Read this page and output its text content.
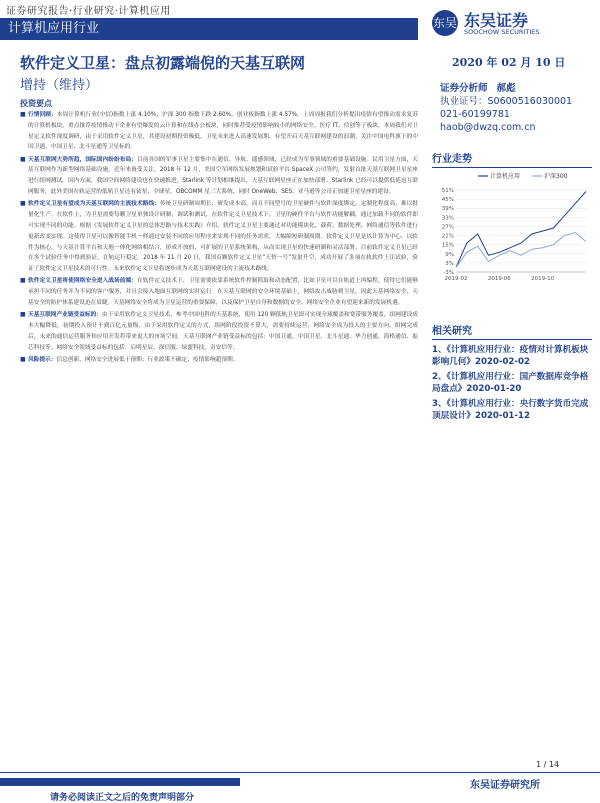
证券研究报告·行业研究·计算机应用
计算机应用行业	东吴 东吴证券
SOOCHOW SECURITIES
软件定义卫星：盘点初露端倪的天基互联网
增持（维持）
2020 年 02 月 10 日
证券分析师 郝彪
执业证号：S0600516030001
021-60199781
haob@dwzq.com.cn
投资要点

■ 行情回顾：本周计算机行业(中信)指数上涨 4.10%，沪深 300 指数下跌 2.60%，创业板指数上涨 4.57%。上周周报我们分析提出疫情有望推动需求复苏的计算机板块，重点推荐疫情推动下企业有望爆发的云计算和在线办公板块，同时推荐受疫情影响较小的网络安全、医疗 IT、信创等子板块。本周我们对卫星定义软件深度调研，由于采用软件定义卫星，其建设初期投资极低，卫星未来进入高速发展期、有望开启天基互联网建设的浪潮。关注中国电科旗下的中国卫通、中国卫星、北斗星通等卫星标的。

■ 天基互联网大势所趋，国际国内纷纷布局：目前各国的军事卫星主要集中在通信、导航、遥感领域，已经成为军事领域的重要基础设施。民用卫星方面，天基互联网作为新型网络基础设施，近年来备受关注。2018 年 12 月，美国空军网络发展规划和试验平台 SpaceX 公司签约，发射首批天基互联网卫星星座进行组网测试。国内方面，我国空间网络建设也在快速推进，Starlink 等计划相继提出，天基互联网星座正在加快部署。Starlink 已经可以提供低延迟互联网服务，此外美国在轨运营的低轨卫星还有铱星、全球星、OBCOMM 星三大系统，同时 OneWeb、SES、亚马逊等公司正加速卫星星座的建设。

■ 软件定义卫星有望成为天基互联网的主流技术路线：传统卫星研制周期长、研发成本高，而且不同型号的卫星硬件与软件深度绑定，定制化程度高，难以批量化生产。在软件上，为卫星需要每颗卫星单独设计研制、调试和测试，在软件定义卫星技术下，卫星的硬件平台与软件功能解耦，通过加载不同的软件即可实现不同的功能。根据《发展软件定义卫星的总体思路与技术实践》介绍，软件定义卫星主要通过对功能模块化、载荷、数据处理、网络通信等软件进行更新改变实现。这使得卫星可以像智能手机一样通过安装不同的应用程序来实现不同的任务需求，大幅缩短研制周期。软件定义卫星是以计算为中心、以软件为核心，与天基计算平台和天地一体化网络相结合，形成开放的、可扩展的卫星系统架构，从而实现卫星的快速研制和灵活部署。目前软件定义卫星已经在多个试验任务中得到验证，在轨运行稳定。2018 年 11 月 20 日，我国首颗软件定义卫星“天智一号”发射升空，成功开展了多项在轨软件上注试验，验证了软件定义卫星技术的可行性。未来软件定义卫星将逐步成为天基互联网建设的主流技术路线。

■ 软件定义卫星将使网络安全进入战场前端：在软件定义技术下，卫星需要依靠系统软件控制抓取和动态配置，比如卫星可以在轨道上再编程，使得它们能够承担不同的任务并为不同的客户服务，并且会接入地面互联网的实时运行。在天基互联网的安全环境基础上，网络攻击威胁到卫星，因此天基网络安全、天基安全的防护体系建设迫在眉睫。天基网络安全将成为卫星运营的重要保障，以及保护卫星自身和数据的安全，网络安全企业有望迎来新的发展机遇。

■ 天基互联网产业链受益标的：由于采用软件定义卫星技术，参考中国电科的天基系统，使用 120 颗低轨卫星即可实现全球覆盖和宽带服务覆盖，组网建设成本大幅降低。初期投入预计不到百亿元量级，由于采用软件定义的方式，组网阶段投资不算大，需要持续运营，网络安全成为投入的主要方向。组网完成后，未来的通信运营服务和应用开发将带来更大的市场空间。天基互联网产业链受益标的包括：中国卫通、中国卫星、北斗星通、华力创通、海格通信、振芯科技等；网络安全领域受益标的包括：启明星辰、深信服、绿盟科技、奇安信等。

■ 风险提示：信息创新、网络安全进展低于预期；行业政策不确定；疫情影响超预期。

行业走势
-3%
3%
9%
15%
21%
27%
33%
39%
45%
51%
2019-02	2019-06	2019-10
计算机应用	沪深300
相关研究
1、《计算机应用行业：疫情对计算机板块影响几何》2020-02-02
2、《计算机应用行业：国产数据库竞争格局盘点》2020-01-20
3、《计算机应用行业：央行数字货币完成顶层设计》2020-01-12
1 / 14
东吴证券研究所
请务必阅读正文之后的免责声明部分
